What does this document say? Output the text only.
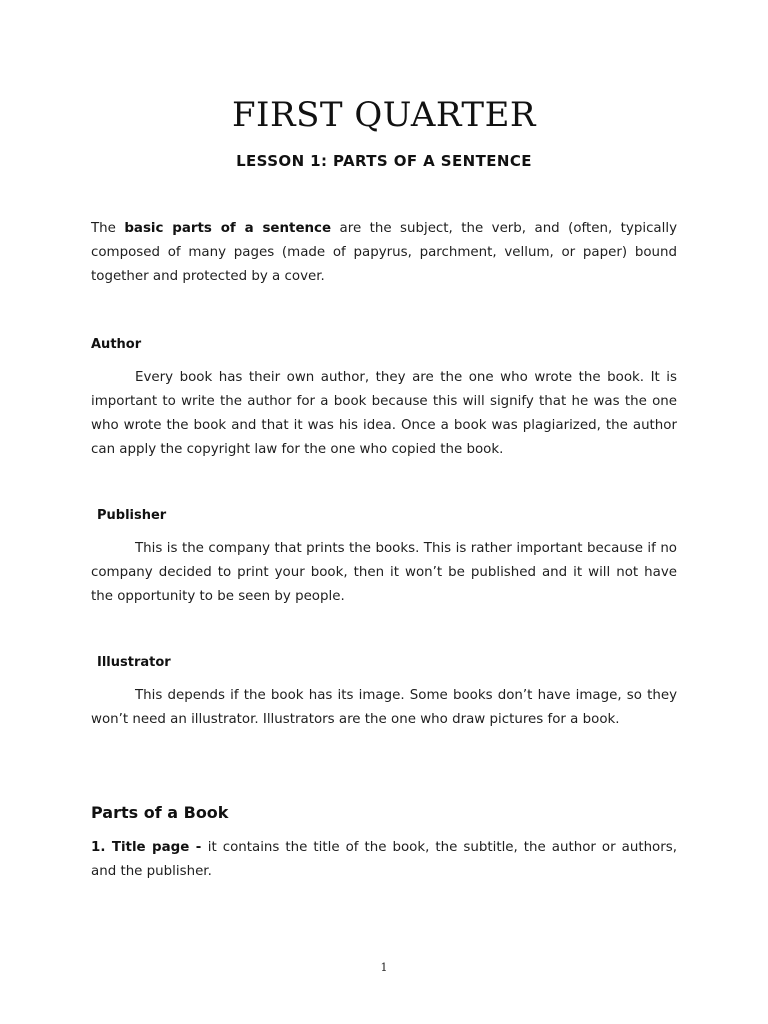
FIRST QUARTER
LESSON 1: PARTS OF A SENTENCE

The basic parts of a sentence are the subject, the verb, and (often, typically composed of many pages (made of papyrus, parchment, vellum, or paper) bound together and protected by a cover.

Author

Every book has their own author, they are the one who wrote the book. It is important to write the author for a book because this will signify that he was the one who wrote the book and that it was his idea. Once a book was plagiarized, the author can apply the copyright law for the one who copied the book.

Publisher

This is the company that prints the books. This is rather important because if no company decided to print your book, then it won’t be published and it will not have the opportunity to be seen by people.

Illustrator

This depends if the book has its image. Some books don’t have image, so they won’t need an illustrator. Illustrators are the one who draw pictures for a book.

Parts of a Book

1. Title page - it contains the title of the book, the subtitle, the author or authors, and the publisher.

1
